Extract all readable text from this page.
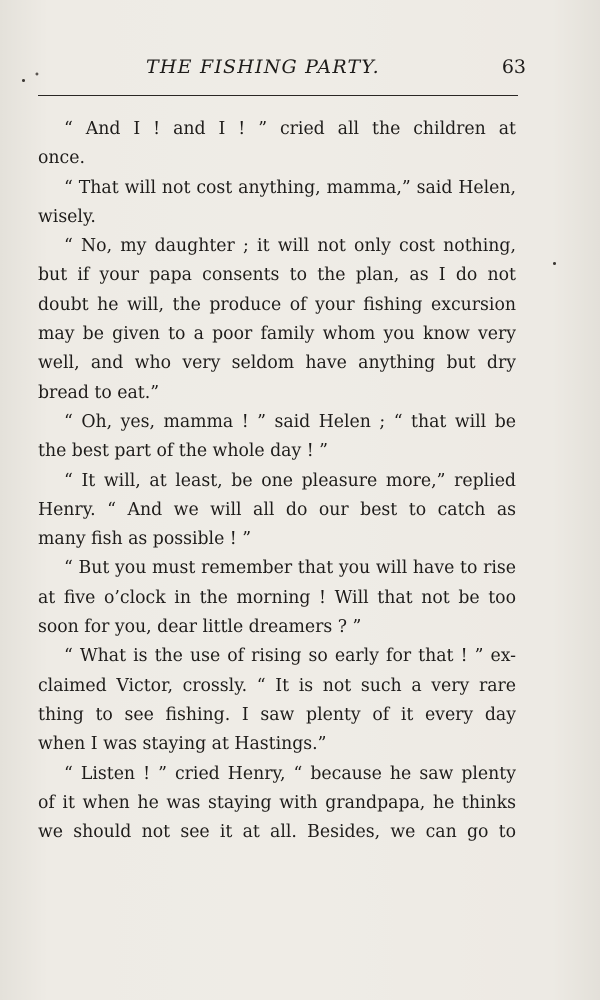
THE FISHING PARTY.	63
•
“ And I ! and I ! ” cried all the children at
once.
“ That will not cost anything, mamma,” said Helen,
wisely.
“ No, my daughter ; it will not only cost nothing,
but if your papa consents to the plan, as I do not
doubt he will, the produce of your fishing excursion
may be given to a poor family whom you know very
well, and who very seldom have anything but dry
bread to eat.”
“ Oh, yes, mamma ! ” said Helen ; “ that will be
the best part of the whole day ! ”
“ It will, at least, be one pleasure more,” replied
Henry. “ And we will all do our best to catch as
many fish as possible ! ”
“ But you must remember that you will have to rise
at five o’clock in the morning ! Will that not be too
soon for you, dear little dreamers ? ”
“ What is the use of rising so early for that ! ” ex-
claimed Victor, crossly. “ It is not such a very rare
thing to see fishing. I saw plenty of it every day
when I was staying at Hastings.”
“ Listen ! ” cried Henry, “ because he saw plenty
of it when he was staying with grandpapa, he thinks
we should not see it at all. Besides, we can go to
